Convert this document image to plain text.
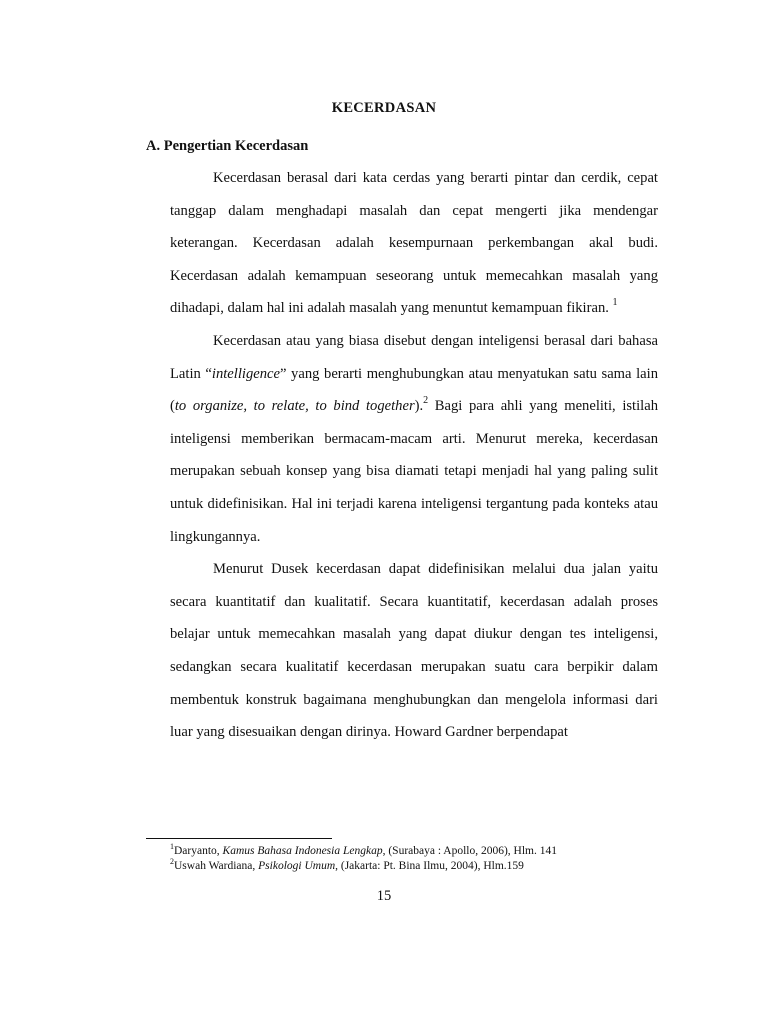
KECERDASAN
A. Pengertian Kecerdasan

Kecerdasan berasal dari kata cerdas yang berarti pintar dan cerdik, cepat tanggap dalam menghadapi masalah dan cepat mengerti jika mendengar keterangan. Kecerdasan adalah kesempurnaan perkembangan akal budi. Kecerdasan adalah kemampuan seseorang untuk memecahkan masalah yang dihadapi, dalam hal ini adalah masalah yang menuntut kemampuan fikiran. $^1$

Kecerdasan atau yang biasa disebut dengan inteligensi berasal dari bahasa Latin “intelligence” yang berarti menghubungkan atau menyatukan satu sama lain (to organize, to relate, to bind together).$^2$ Bagi para ahli yang meneliti, istilah inteligensi memberikan bermacam-macam arti. Menurut mereka, kecerdasan merupakan sebuah konsep yang bisa diamati tetapi menjadi hal yang paling sulit untuk didefinisikan. Hal ini terjadi karena inteligensi tergantung pada konteks atau lingkungannya.

Menurut Dusek kecerdasan dapat didefinisikan melalui dua jalan yaitu secara kuantitatif dan kualitatif. Secara kuantitatif, kecerdasan adalah proses belajar untuk memecahkan masalah yang dapat diukur dengan tes inteligensi, sedangkan secara kualitatif kecerdasan merupakan suatu cara berpikir dalam membentuk konstruk bagaimana menghubungkan dan mengelola informasi dari luar yang disesuaikan dengan dirinya. Howard Gardner berpendapat

$^1$Daryanto, Kamus Bahasa Indonesia Lengkap, (Surabaya : Apollo, 2006), Hlm. 141

$^2$Uswah Wardiana, Psikologi Umum, (Jakarta: Pt. Bina Ilmu, 2004), Hlm.159

15
